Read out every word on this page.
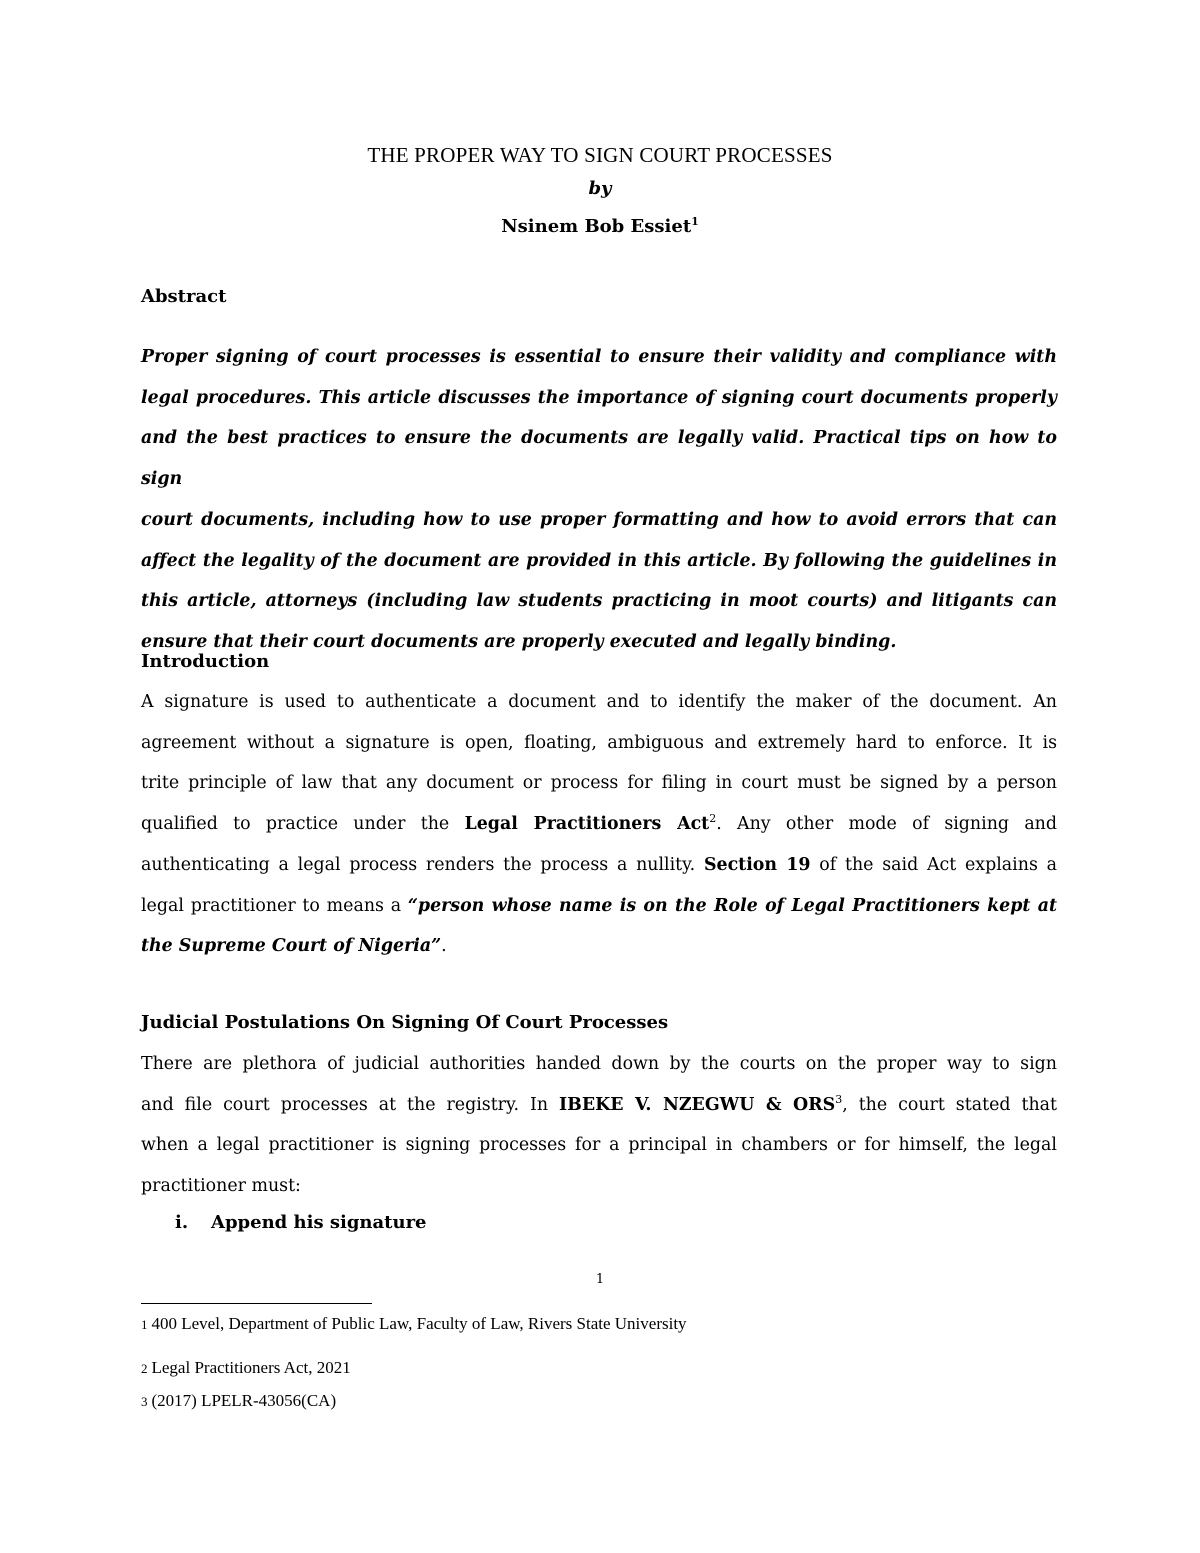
THE PROPER WAY TO SIGN COURT PROCESSES
by
Nsinem Bob Essiet$^1$
Abstract
Proper signing of court processes is essential to ensure their validity and compliance with
legal procedures. This article discusses the importance of signing court documents properly
and the best practices to ensure the documents are legally valid. Practical tips on how to sign
court documents, including how to use proper formatting and how to avoid errors that can
affect the legality of the document are provided in this article. By following the guidelines in
this article, attorneys (including law students practicing in moot courts) and litigants can
ensure that their court documents are properly executed and legally binding.
Introduction
A signature is used to authenticate a document and to identify the maker of the document. An
agreement without a signature is open, floating, ambiguous and extremely hard to enforce. It is
trite principle of law that any document or process for filing in court must be signed by a person
qualified to practice under the Legal Practitioners Act$^2$. Any other mode of signing and
authenticating a legal process renders the process a nullity. Section 19 of the said Act explains a
legal practitioner to means a “person whose name is on the Role of Legal Practitioners kept at
the Supreme Court of Nigeria”.
Judicial Postulations On Signing Of Court Processes
There are plethora of judicial authorities handed down by the courts on the proper way to sign
and file court processes at the registry. In IBEKE V. NZEGWU & ORS$^3$, the court stated that
when a legal practitioner is signing processes for a principal in chambers or for himself, the legal
practitioner must:
i. Append his signature
1
1 400 Level, Department of Public Law, Faculty of Law, Rivers State University
2 Legal Practitioners Act, 2021
3 (2017) LPELR-43056(CA)
